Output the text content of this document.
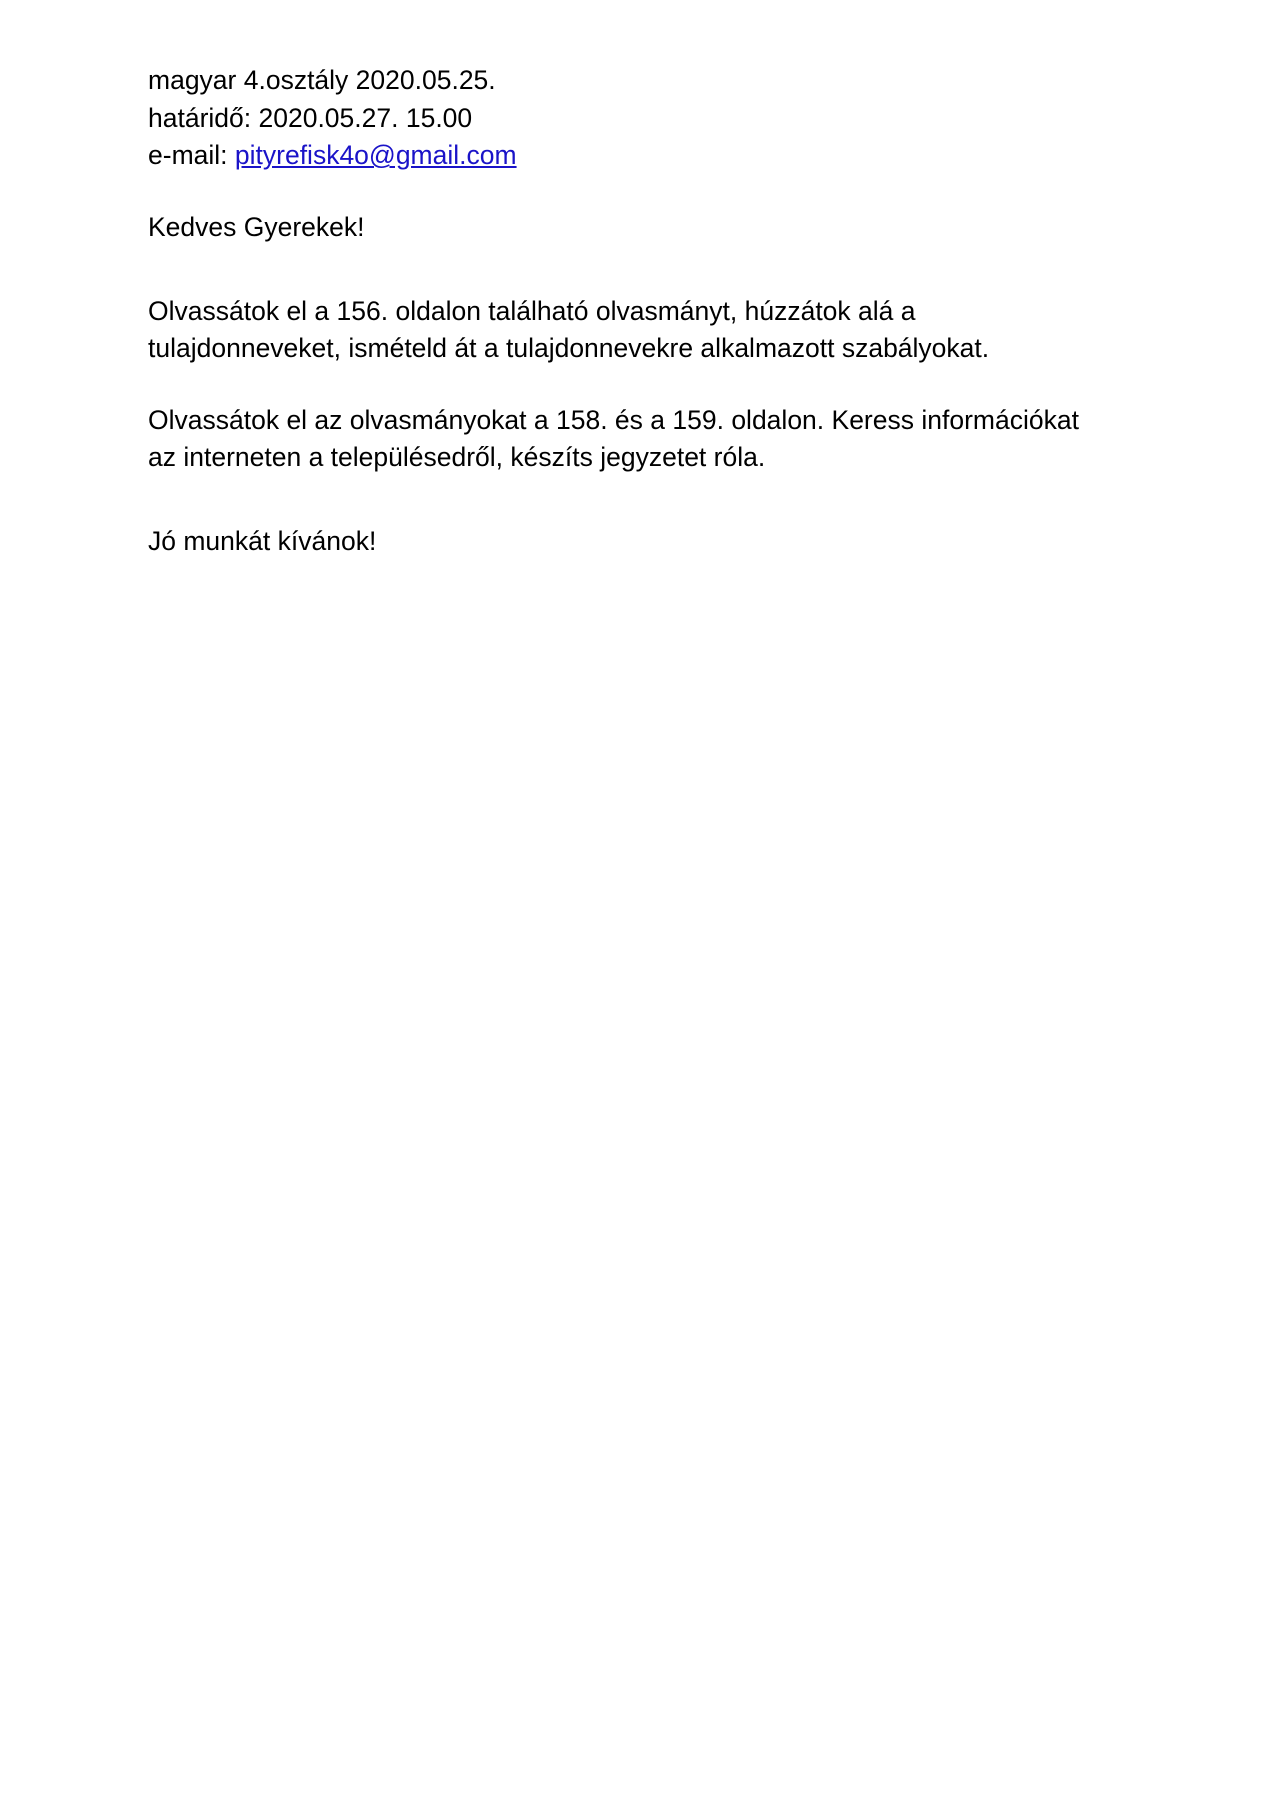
magyar 4.osztály 2020.05.25.

határidő: 2020.05.27. 15.00

e-mail: pityrefisk4o@gmail.com

Kedves Gyerekek!

Olvassátok el a 156. oldalon található olvasmányt, húzzátok alá a tulajdonneveket, ismételd át a tulajdonnevekre alkalmazott szabályokat.

Olvassátok el az olvasmányokat a 158. és a 159. oldalon. Keress információkat az interneten a településedről, készíts jegyzetet róla.

Jó munkát kívánok!
